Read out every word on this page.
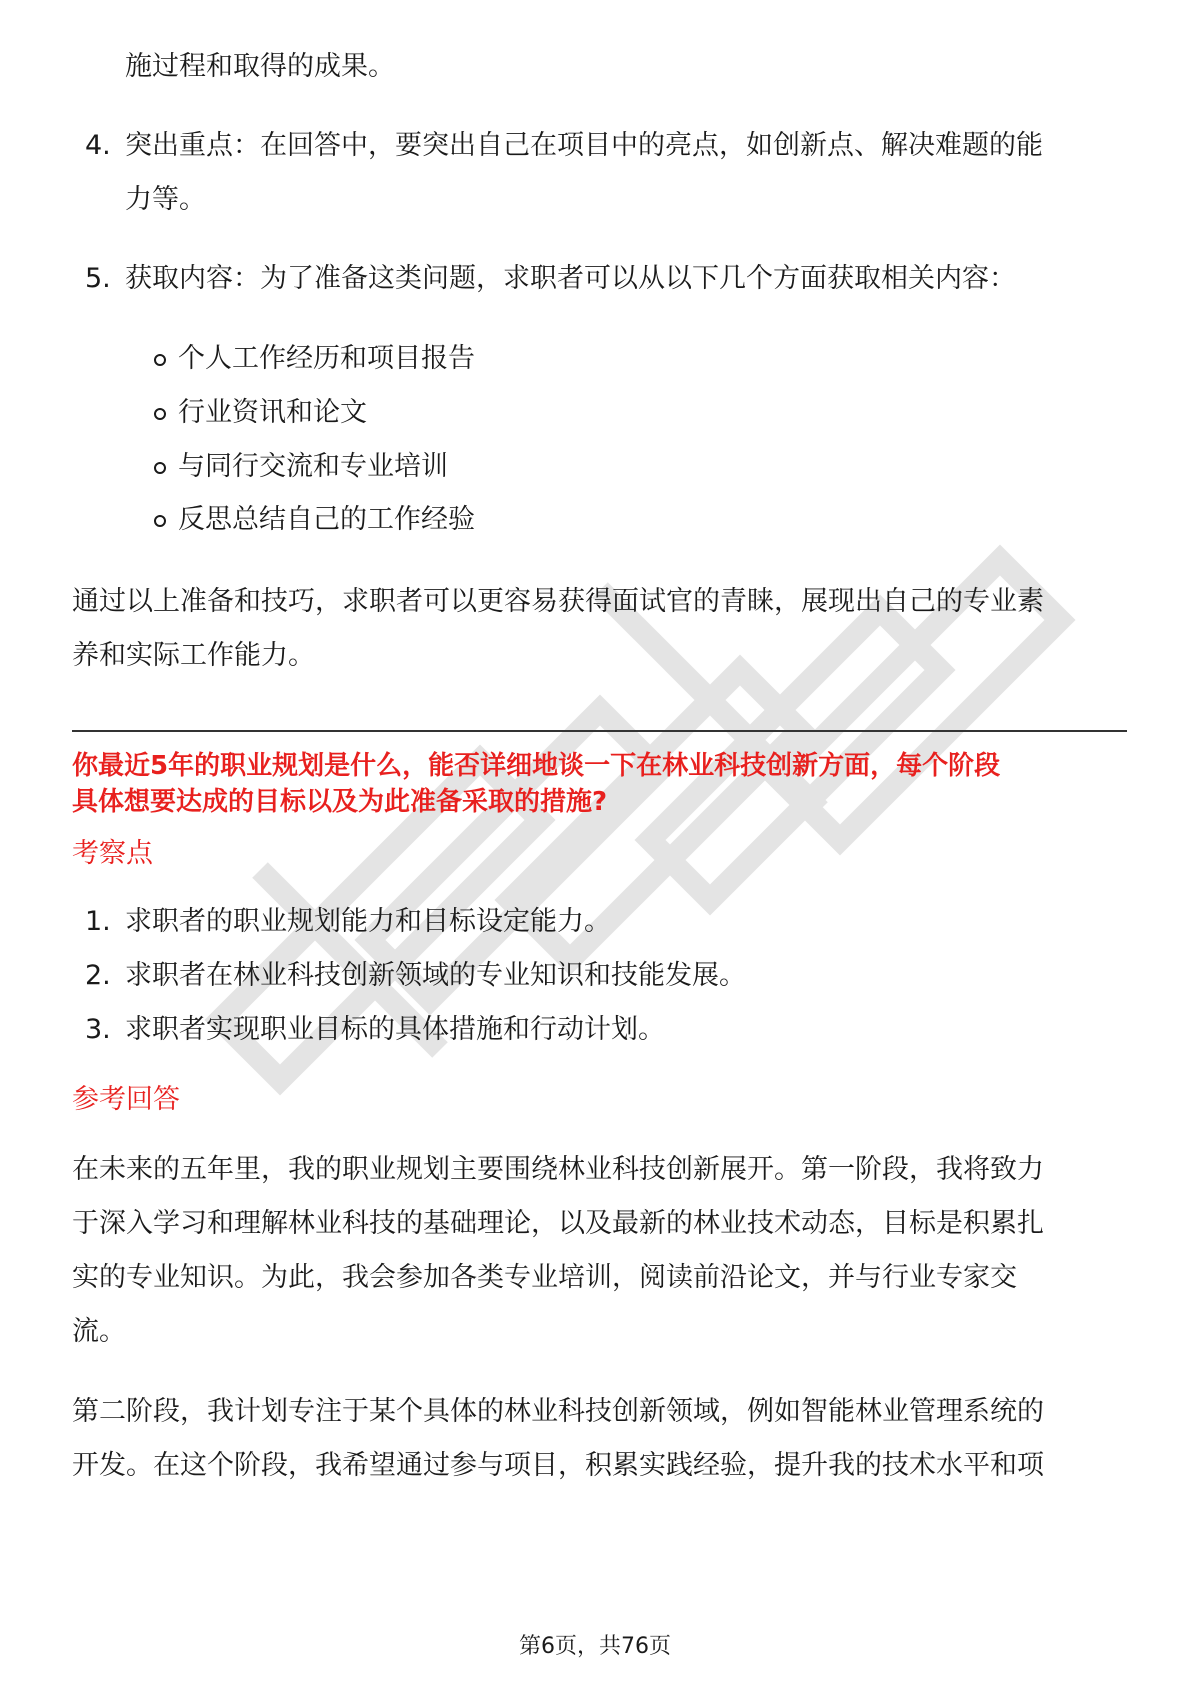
施过程和取得的成果。
4. 突出重点：在回答中，要突出自己在项目中的亮点，如创新点、解决难题的能
力等。
5. 获取内容：为了准备这类问题，求职者可以从以下几个方面获取相关内容：
个人工作经历和项目报告
行业资讯和论文
与同行交流和专业培训
反思总结自己的工作经验
通过以上准备和技巧，求职者可以更容易获得面试官的青睐，展现出自己的专业素
养和实际工作能力。
你最近5年的职业规划是什么，能否详细地谈一下在林业科技创新方面，每个阶段
具体想要达成的目标以及为此准备采取的措施?
考察点
1. 求职者的职业规划能力和目标设定能力。
2. 求职者在林业科技创新领域的专业知识和技能发展。
3. 求职者实现职业目标的具体措施和行动计划。
参考回答
在未来的五年里，我的职业规划主要围绕林业科技创新展开。第一阶段，我将致力
于深入学习和理解林业科技的基础理论，以及最新的林业技术动态，目标是积累扎
实的专业知识。为此，我会参加各类专业培训，阅读前沿论文，并与行业专家交
流。
第二阶段，我计划专注于某个具体的林业科技创新领域，例如智能林业管理系统的
开发。在这个阶段，我希望通过参与项目，积累实践经验，提升我的技术水平和项
第6页，共76页
